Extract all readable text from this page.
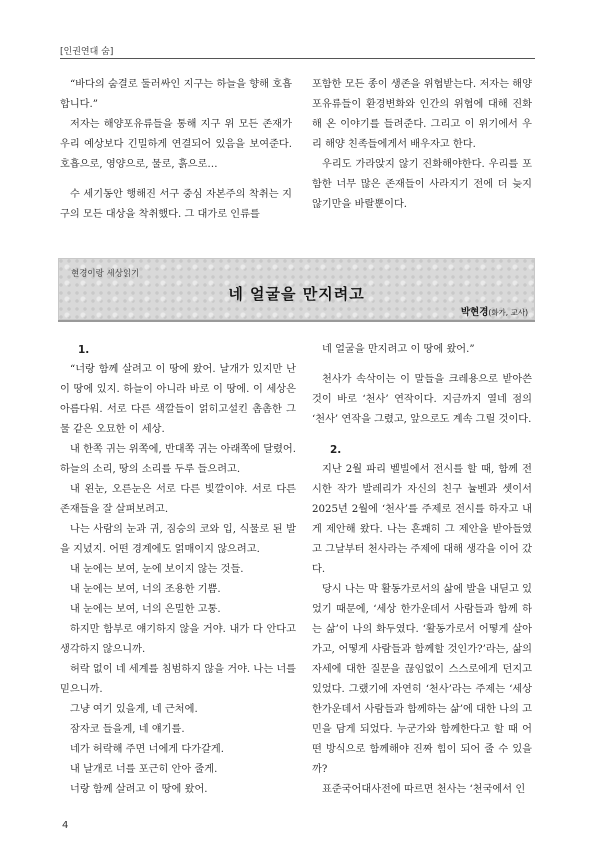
[인권연대 숨]

“바다의 숨결로 둘러싸인 지구는 하늘을 향해 호흡합니다.”

저자는 해양포유류들을 통해 지구 위 모든 존재가 우리 예상보다 긴밀하게 연결되어 있음을 보여준다. 호흡으로, 영양으로, 물로, 흙으로…

수 세기동안 행해진 서구 중심 자본주의 착취는 지구의 모든 대상을 착취했다. 그 대가로 인류를

포함한 모든 종이 생존을 위협받는다. 저자는 해양포유류들이 환경변화와 인간의 위협에 대해 진화해 온 이야기를 들려준다. 그리고 이 위기에서 우리 해양 친족들에게서 배우자고 한다.

우리도 가라앉지 않기 진화해야한다. 우리를 포함한 너무 많은 존재들이 사라지기 전에 더 늦지 않기만을 바랄뿐이다.

현경이랑 세상읽기
네 얼굴을 만지려고
박현경(화가, 교사)
1.

“너랑 함께 살려고 이 땅에 왔어. 날개가 있지만 난 이 땅에 있지. 하늘이 아니라 바로 이 땅에. 이 세상은 아름다워. 서로 다른 색깔들이 얽히고설킨 촘촘한 그물 같은 오묘한 이 세상.

내 한쪽 귀는 위쪽에, 반대쪽 귀는 아래쪽에 달렸어. 하늘의 소리, 땅의 소리를 두루 들으려고.

내 왼눈, 오른눈은 서로 다른 빛깔이야. 서로 다른 존재들을 잘 살펴보려고.

나는 사람의 눈과 귀, 짐승의 코와 입, 식물로 된 발을 지녔지. 어떤 경계에도 얽매이지 않으려고.

내 눈에는 보여, 눈에 보이지 않는 것들.

내 눈에는 보여, 너의 조용한 기쁨.

내 눈에는 보여, 너의 은밀한 고통.

하지만 함부로 얘기하지 않을 거야. 내가 다 안다고 생각하지 않으니까.

허락 없이 네 세계를 침범하지 않을 거야. 나는 너를 믿으니까.

그냥 여기 있을게, 네 근처에.

잠자코 들을게, 네 얘기를.

네가 허락해 주면 너에게 다가갈게.

내 날개로 너를 포근히 안아 줄게.

너랑 함께 살려고 이 땅에 왔어.

네 얼굴을 만지려고 이 땅에 왔어.”

천사가 속삭이는 이 말들을 크레용으로 받아쓴 것이 바로 ‘천사’ 연작이다. 지금까지 열네 점의 ‘천사’ 연작을 그렸고, 앞으로도 계속 그릴 것이다.

2.

지난 2월 파리 벨빌에서 전시를 할 때, 함께 전시한 작가 발레리가 자신의 친구 뉼벤과 셋이서 2025년 2월에 ‘천사’를 주제로 전시를 하자고 내게 제안해 왔다. 나는 흔쾌히 그 제안을 받아들였고 그날부터 천사라는 주제에 대해 생각을 이어 갔다.

당시 나는 막 활동가로서의 삶에 발을 내딛고 있었기 때문에, ‘세상 한가운데서 사람들과 함께 하는 삶’이 나의 화두였다. ‘활동가로서 어떻게 살아가고, 어떻게 사람들과 함께할 것인가?’라는, 삶의 자세에 대한 질문을 끊임없이 스스로에게 던지고 있었다. 그랬기에 자연히 ‘천사’라는 주제는 ‘세상 한가운데서 사람들과 함께하는 삶’에 대한 나의 고민을 담게 되었다. 누군가와 함께한다고 할 때 어떤 방식으로 함께해야 진짜 힘이 되어 줄 수 있을까?

표준국어대사전에 따르면 천사는 ‘천국에서 인

4
